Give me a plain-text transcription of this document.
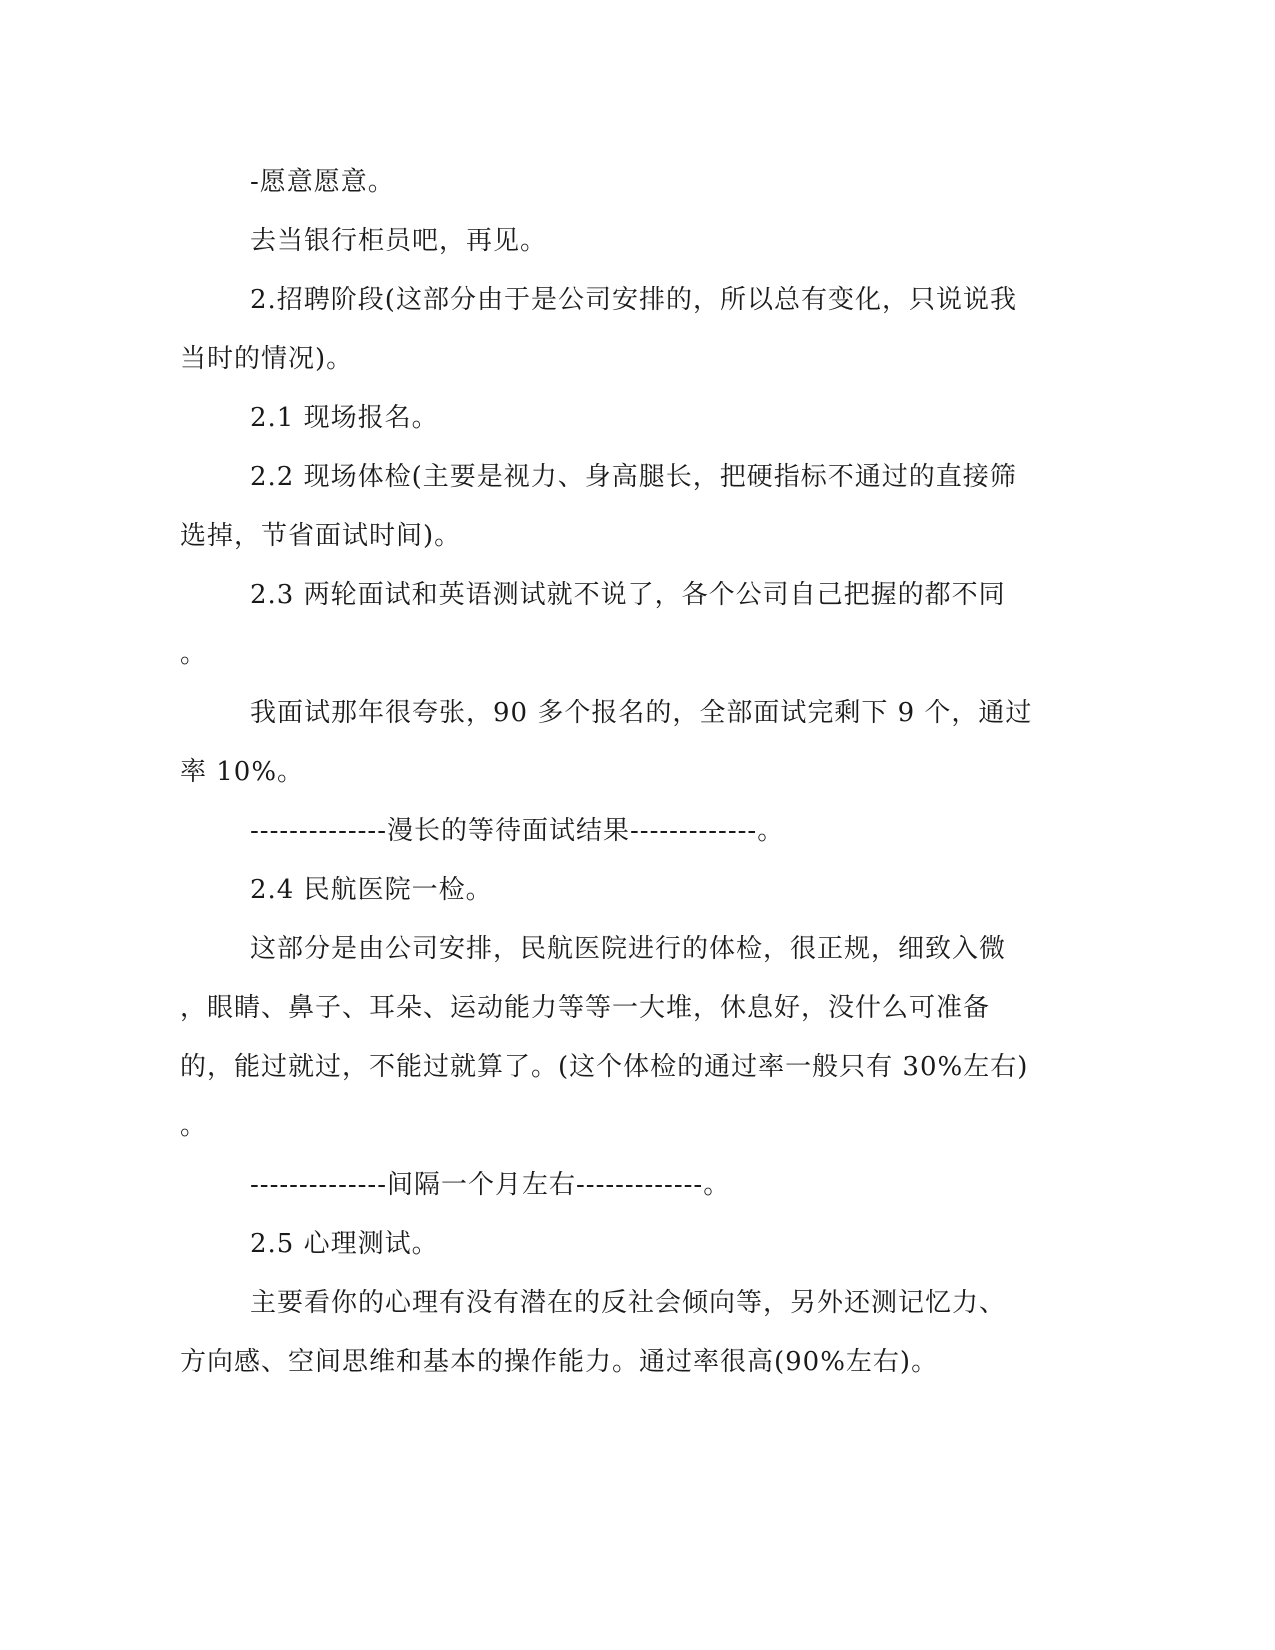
-愿意愿意。
去当银行柜员吧，再见。
2.招聘阶段(这部分由于是公司安排的，所以总有变化，只说说我
当时的情况)。
2.1 现场报名。
2.2 现场体检(主要是视力、身高腿长，把硬指标不通过的直接筛
选掉，节省面试时间)。
2.3 两轮面试和英语测试就不说了，各个公司自己把握的都不同
。
我面试那年很夸张，90 多个报名的，全部面试完剩下 9 个，通过
率 10%。
--------------漫长的等待面试结果-------------。
2.4 民航医院一检。
这部分是由公司安排，民航医院进行的体检，很正规，细致入微
，眼睛、鼻子、耳朵、运动能力等等一大堆，休息好，没什么可准备
的，能过就过，不能过就算了。(这个体检的通过率一般只有 30%左右)
。
--------------间隔一个月左右-------------。
2.5 心理测试。
主要看你的心理有没有潜在的反社会倾向等，另外还测记忆力、
方向感、空间思维和基本的操作能力。通过率很高(90%左右)。
